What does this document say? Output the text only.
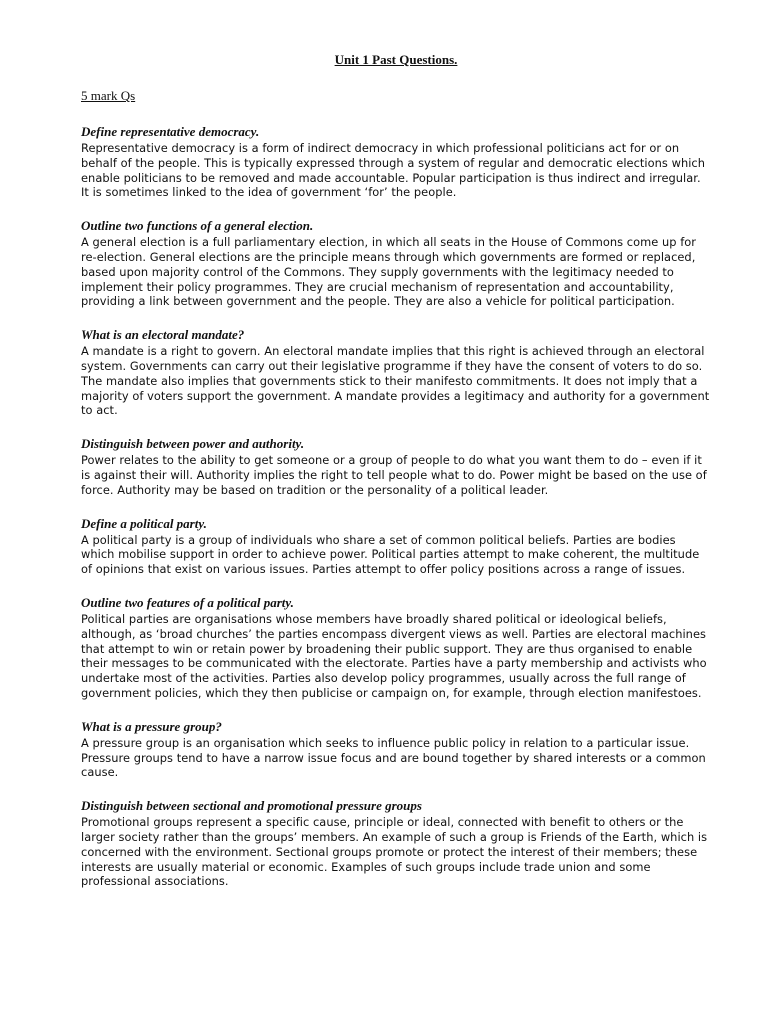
Unit 1 Past Questions.
5 mark Qs
Define representative democracy.

Representative democracy is a form of indirect democracy in which professional politicians act for or on behalf of the people. This is typically expressed through a system of regular and democratic elections which enable politicians to be removed and made accountable. Popular participation is thus indirect and irregular. It is sometimes linked to the idea of government ‘for’ the people.

Outline two functions of a general election.

A general election is a full parliamentary election, in which all seats in the House of Commons come up for re-election. General elections are the principle means through which governments are formed or replaced, based upon majority control of the Commons. They supply governments with the legitimacy needed to implement their policy programmes. They are crucial mechanism of representation and accountability, providing a link between government and the people. They are also a vehicle for political participation.

What is an electoral mandate?

A mandate is a right to govern. An electoral mandate implies that this right is achieved through an electoral system. Governments can carry out their legislative programme if they have the consent of voters to do so. The mandate also implies that governments stick to their manifesto commitments. It does not imply that a majority of voters support the government. A mandate provides a legitimacy and authority for a government to act.

Distinguish between power and authority.

Power relates to the ability to get someone or a group of people to do what you want them to do – even if it is against their will. Authority implies the right to tell people what to do. Power might be based on the use of force. Authority may be based on tradition or the personality of a political leader.

Define a political party.

A political party is a group of individuals who share a set of common political beliefs. Parties are bodies which mobilise support in order to achieve power. Political parties attempt to make coherent, the multitude of opinions that exist on various issues. Parties attempt to offer policy positions across a range of issues.

Outline two features of a political party.

Political parties are organisations whose members have broadly shared political or ideological beliefs, although, as ‘broad churches’ the parties encompass divergent views as well. Parties are electoral machines that attempt to win or retain power by broadening their public support. They are thus organised to enable their messages to be communicated with the electorate. Parties have a party membership and activists who undertake most of the activities. Parties also develop policy programmes, usually across the full range of government policies, which they then publicise or campaign on, for example, through election manifestoes.

What is a pressure group?

A pressure group is an organisation which seeks to influence public policy in relation to a particular issue. Pressure groups tend to have a narrow issue focus and are bound together by shared interests or a common cause.

Distinguish between sectional and promotional pressure groups

Promotional groups represent a specific cause, principle or ideal, connected with benefit to others or the larger society rather than the groups’ members. An example of such a group is Friends of the Earth, which is concerned with the environment. Sectional groups promote or protect the interest of their members; these interests are usually material or economic. Examples of such groups include trade union and some professional associations.
